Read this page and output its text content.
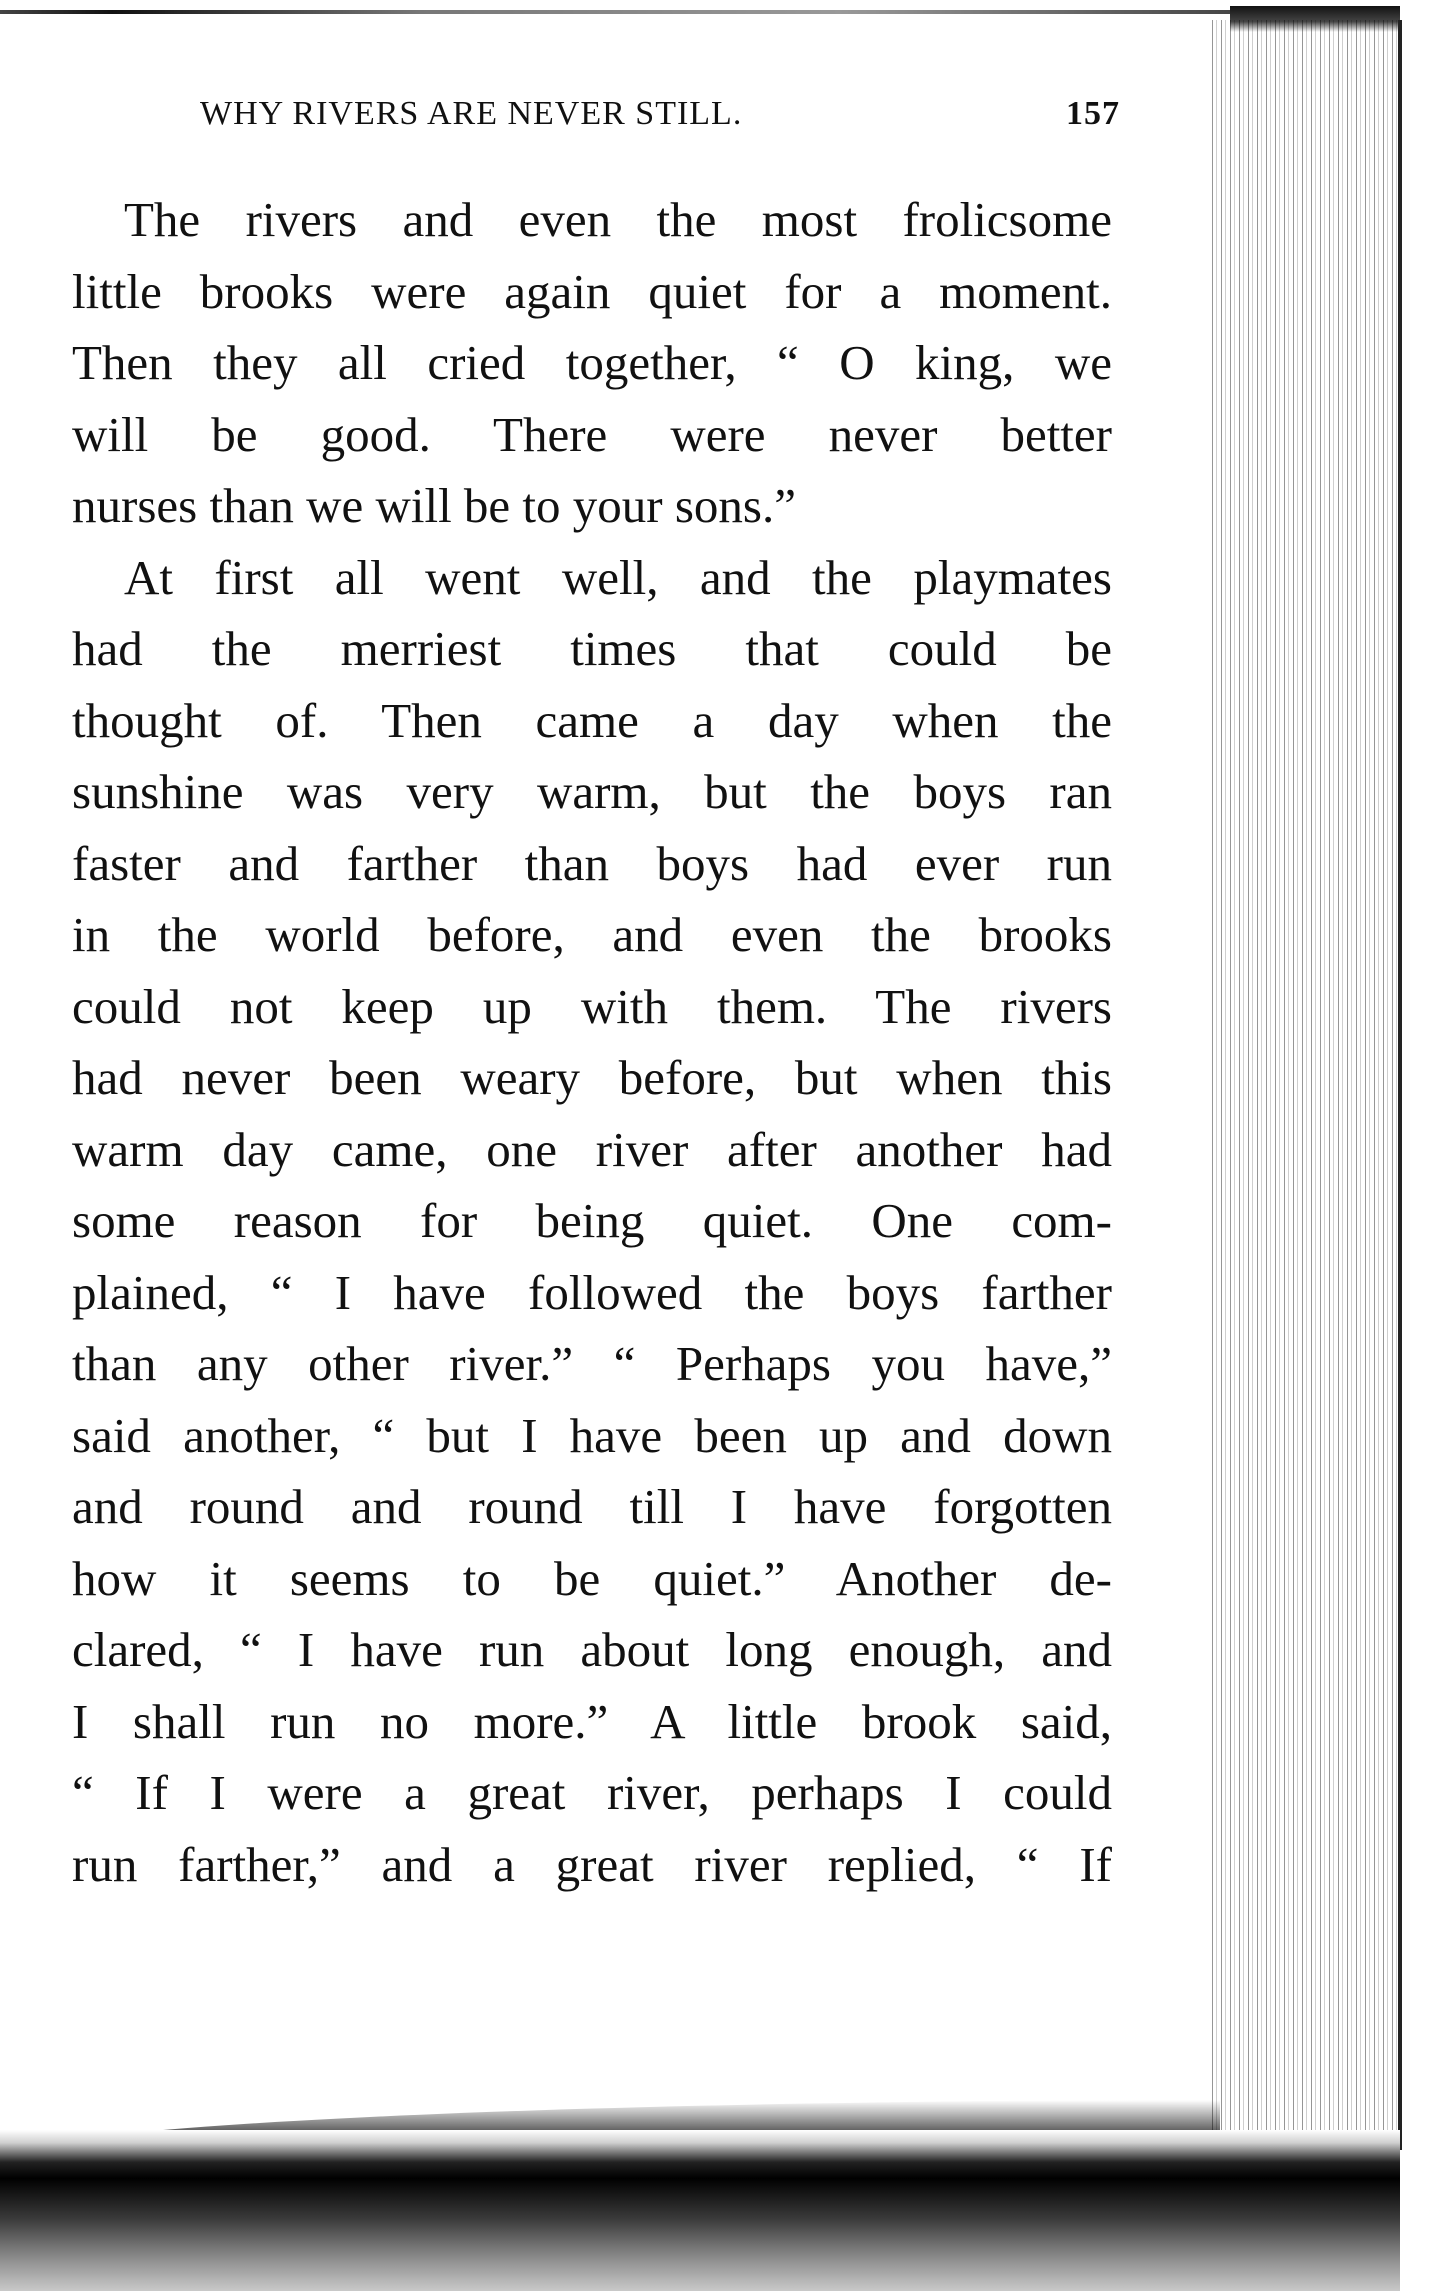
WHY RIVERS ARE NEVER STILL.	157
The rivers and even the most frolicsome
little brooks were again quiet for a moment.
Then they all cried together, “ O king, we
will be good. There were never better
nurses than we will be to your sons.”
At first all went well, and the playmates
had the merriest times that could be
thought of. Then came a day when the
sunshine was very warm, but the boys ran
faster and farther than boys had ever run
in the world before, and even the brooks
could not keep up with them. The rivers
had never been weary before, but when this
warm day came, one river after another had
some reason for being quiet. One com-
plained, “ I have followed the boys farther
than any other river.” “ Perhaps you have,”
said another, “ but I have been up and down
and round and round till I have forgotten
how it seems to be quiet.” Another de-
clared, “ I have run about long enough, and
I shall run no more.” A little brook said,
“ If I were a great river, perhaps I could
run farther,” and a great river replied, “ If
